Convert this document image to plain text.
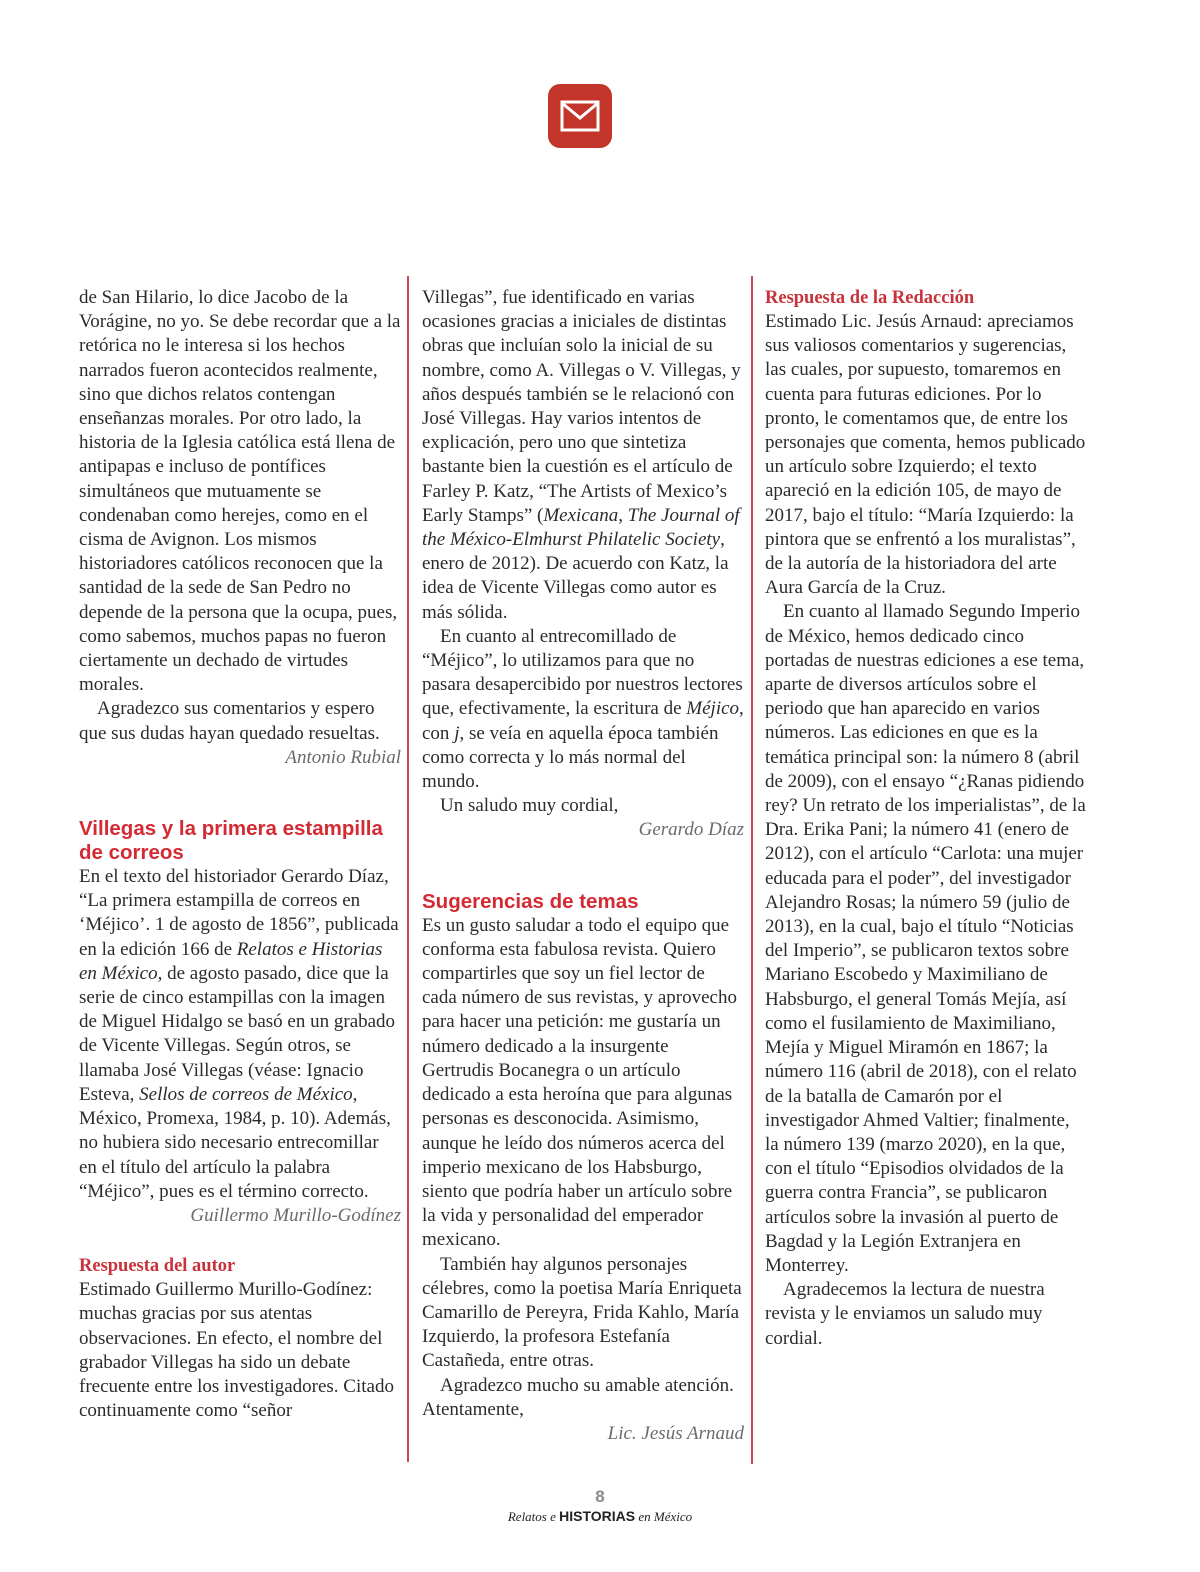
de San Hilario, lo dice Jacobo de la Vorágine, no yo. Se debe recordar que a la retórica no le interesa si los hechos narrados fueron acontecidos realmente, sino que dichos relatos contengan enseñanzas morales. Por otro lado, la historia de la Iglesia católica está llena de antipapas e incluso de pontífices simultáneos que mutuamente se condenaban como herejes, como en el cisma de Avignon. Los mismos historiadores católicos reconocen que la santidad de la sede de San Pedro no depende de la persona que la ocupa, pues, como sabemos, muchos papas no fueron ciertamente un dechado de virtudes morales.

Agradezco sus comentarios y espero que sus dudas hayan quedado resueltas.

Antonio Rubial

Villegas y la primera estampilla de correos

En el texto del historiador Gerardo Díaz, “La primera estampilla de correos en ‘Méjico’. 1 de agosto de 1856”, publicada en la edición 166 de Relatos e Historias en México, de agosto pasado, dice que la serie de cinco estampillas con la imagen de Miguel Hidalgo se basó en un grabado de Vicente Villegas. Según otros, se llamaba José Villegas (véase: Ignacio Esteva, Sellos de correos de México, México, Promexa, 1984, p. 10). Además, no hubiera sido necesario entrecomillar en el título del artículo la palabra “Méjico”, pues es el término correcto.

Guillermo Murillo-Godínez

Respuesta del autor

Estimado Guillermo Murillo-Godínez: muchas gracias por sus atentas observaciones. En efecto, el nombre del grabador Villegas ha sido un debate frecuente entre los investigadores. Citado continuamente como “señor

Villegas”, fue identificado en varias ocasiones gracias a iniciales de distintas obras que incluían solo la inicial de su nombre, como A. Villegas o V. Villegas, y años después también se le relacionó con José Villegas. Hay varios intentos de explicación, pero uno que sintetiza bastante bien la cuestión es el artículo de Farley P. Katz, “The Artists of Mexico’s Early Stamps” (Mexicana, The Journal of the México-Elmhurst Philatelic Society, enero de 2012). De acuerdo con Katz, la idea de Vicente Villegas como autor es más sólida.

En cuanto al entrecomillado de “Méjico”, lo utilizamos para que no pasara desapercibido por nuestros lectores que, efectivamente, la escritura de Méjico, con j, se veía en aquella época también como correcta y lo más normal del mundo.

Un saludo muy cordial,

Gerardo Díaz

Sugerencias de temas

Es un gusto saludar a todo el equipo que conforma esta fabulosa revista. Quiero compartirles que soy un fiel lector de cada número de sus revistas, y aprovecho para hacer una petición: me gustaría un número dedicado a la insurgente Gertrudis Bocanegra o un artículo dedicado a esta heroína que para algunas personas es desconocida. Asimismo, aunque he leído dos números acerca del imperio mexicano de los Habsburgo, siento que podría haber un artículo sobre la vida y personalidad del emperador mexicano.

También hay algunos personajes célebres, como la poetisa María Enriqueta Camarillo de Pereyra, Frida Kahlo, María Izquierdo, la profesora Estefanía Castañeda, entre otras.

Agradezco mucho su amable atención. Atentamente,

Lic. Jesús Arnaud

Respuesta de la Redacción

Estimado Lic. Jesús Arnaud: apreciamos sus valiosos comentarios y sugerencias, las cuales, por supuesto, tomaremos en cuenta para futuras ediciones. Por lo pronto, le comentamos que, de entre los personajes que comenta, hemos publicado un artículo sobre Izquierdo; el texto apareció en la edición 105, de mayo de 2017, bajo el título: “María Izquierdo: la pintora que se enfrentó a los muralistas”, de la autoría de la historiadora del arte Aura García de la Cruz.

En cuanto al llamado Segundo Imperio de México, hemos dedicado cinco portadas de nuestras ediciones a ese tema, aparte de diversos artículos sobre el periodo que han aparecido en varios números. Las ediciones en que es la temática principal son: la número 8 (abril de 2009), con el ensayo “¿Ranas pidiendo rey? Un retrato de los imperialistas”, de la Dra. Erika Pani; la número 41 (enero de 2012), con el artículo “Carlota: una mujer educada para el poder”, del investigador Alejandro Rosas; la número 59 (julio de 2013), en la cual, bajo el título “Noticias del Imperio”, se publicaron textos sobre Mariano Escobedo y Maximiliano de Habsburgo, el general Tomás Mejía, así como el fusilamiento de Maximiliano, Mejía y Miguel Miramón en 1867; la número 116 (abril de 2018), con el relato de la batalla de Camarón por el investigador Ahmed Valtier; finalmente, la número 139 (marzo 2020), en la que, con el título “Episodios olvidados de la guerra contra Francia”, se publicaron artículos sobre la invasión al puerto de Bagdad y la Legión Extranjera en Monterrey.

Agradecemos la lectura de nuestra revista y le enviamos un saludo muy cordial.

8
Relatos e HISTORIAS en México
